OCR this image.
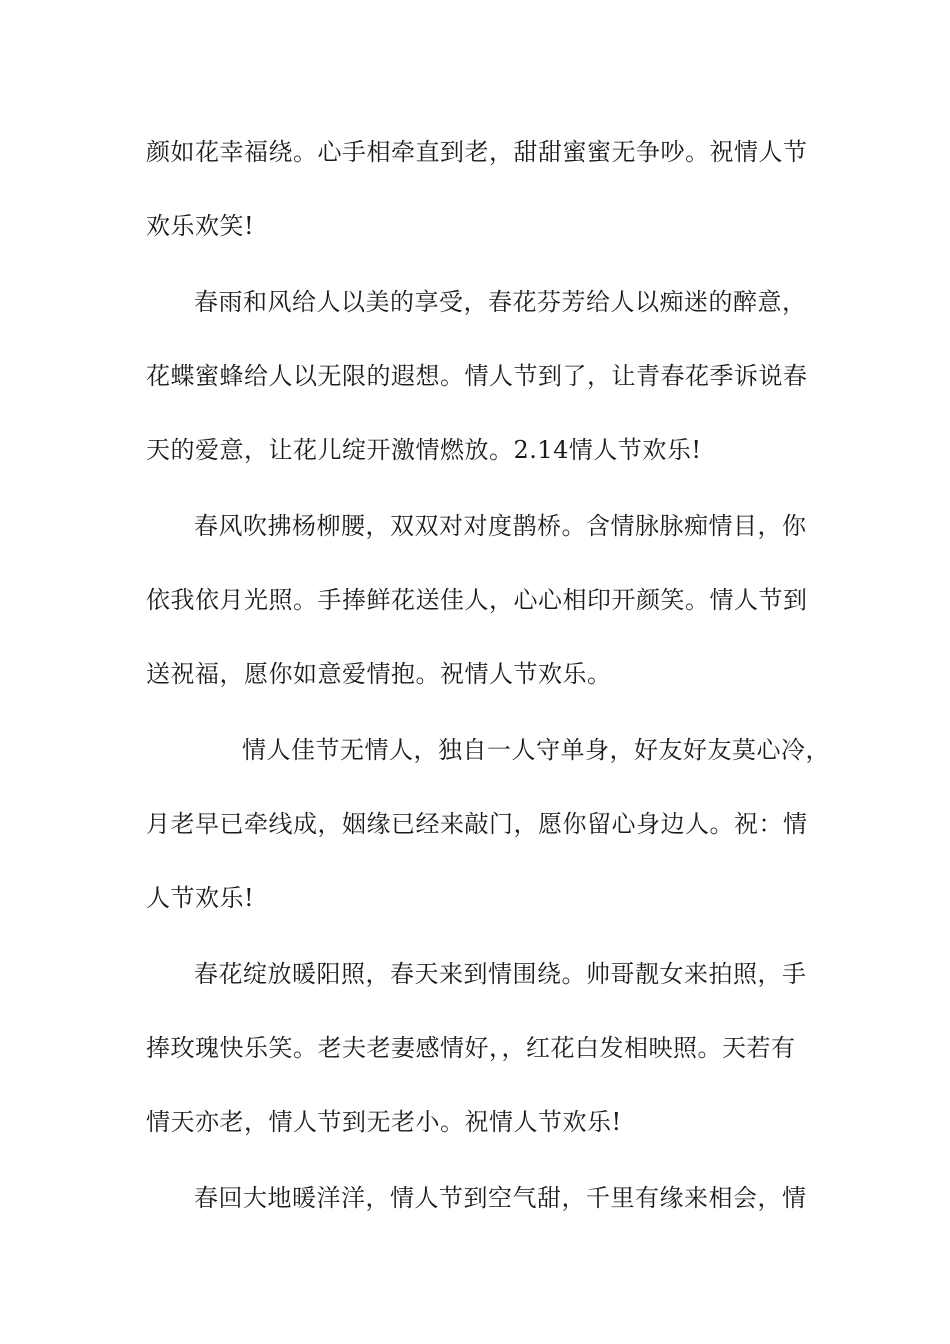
颜如花幸福绕。心手相牵直到老，甜甜蜜蜜无争吵。祝情人节
欢乐欢笑!
春雨和风给人以美的享受，春花芬芳给人以痴迷的醉意，
花蝶蜜蜂给人以无限的遐想。情人节到了，让青春花季诉说春
天的爱意，让花儿绽开激情燃放。2.14情人节欢乐!
春风吹拂杨柳腰，双双对对度鹊桥。含情脉脉痴情目，你
依我依月光照。手捧鲜花送佳人，心心相印开颜笑。情人节到
送祝福，愿你如意爱情抱。祝情人节欢乐。
情人佳节无情人，独自一人守单身，好友好友莫心冷，
月老早已牵线成，姻缘已经来敲门，愿你留心身边人。祝：情
人节欢乐!
春花绽放暖阳照，春天来到情围绕。帅哥靓女来拍照，手
捧玫瑰快乐笑。老夫老妻感情好，，红花白发相映照。天若有
情天亦老，情人节到无老小。祝情人节欢乐!
春回大地暖洋洋，情人节到空气甜，千里有缘来相会，情
